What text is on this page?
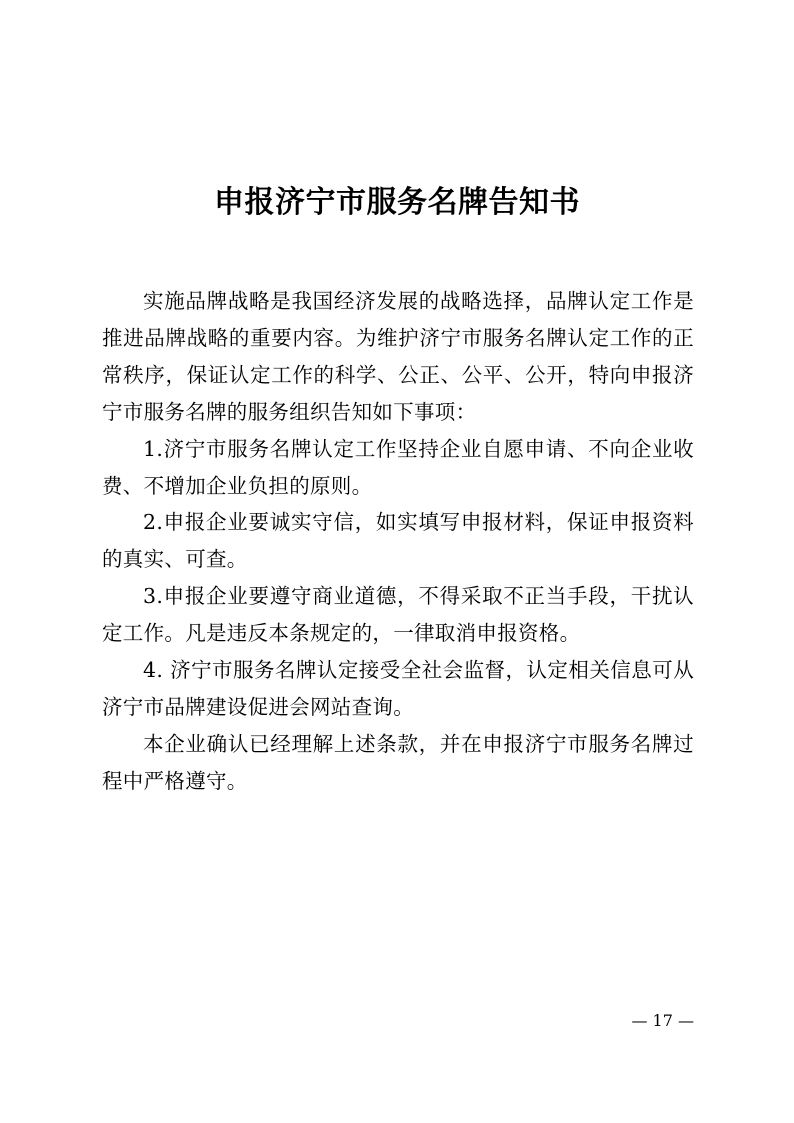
申报济宁市服务名牌告知书

实施品牌战略是我国经济发展的战略选择，品牌认定工作是推进品牌战略的重要内容。为维护济宁市服务名牌认定工作的正常秩序，保证认定工作的科学、公正、公平、公开，特向申报济宁市服务名牌的服务组织告知如下事项：

1.济宁市服务名牌认定工作坚持企业自愿申请、不向企业收费、不增加企业负担的原则。

2.申报企业要诚实守信，如实填写申报材料，保证申报资料的真实、可查。

3.申报企业要遵守商业道德，不得采取不正当手段，干扰认定工作。凡是违反本条规定的，一律取消申报资格。

4. 济宁市服务名牌认定接受全社会监督，认定相关信息可从济宁市品牌建设促进会网站查询。

本企业确认已经理解上述条款，并在申报济宁市服务名牌过程中严格遵守。

— 17 —
